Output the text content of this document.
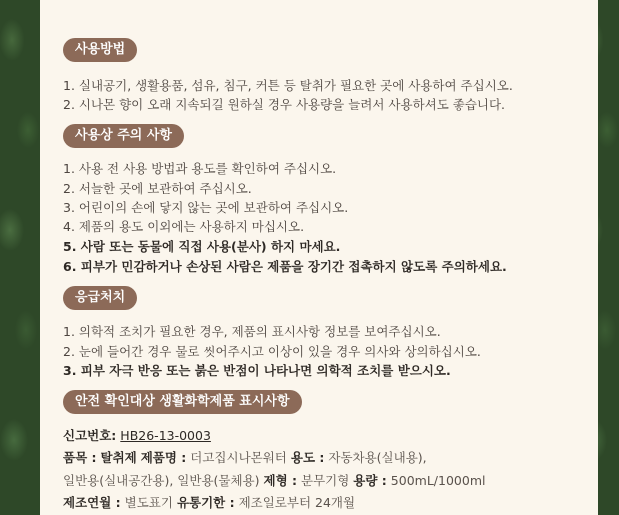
사용방법
1. 실내공기, 생활용품, 섬유, 침구, 커튼 등 탈취가 필요한 곳에 사용하여 주십시오.
2. 시나몬 향이 오래 지속되길 원하실 경우 사용량을 늘려서 사용하셔도 좋습니다.
사용상 주의 사항
1. 사용 전 사용 방법과 용도를 확인하여 주십시오.
2. 서늘한 곳에 보관하여 주십시오.
3. 어린이의 손에 닿지 않는 곳에 보관하여 주십시오.
4. 제품의 용도 이외에는 사용하지 마십시오.
5. 사람 또는 동물에 직접 사용(분사) 하지 마세요.
6. 피부가 민감하거나 손상된 사람은 제품을 장기간 접촉하지 않도록 주의하세요.
응급처치
1. 의학적 조치가 필요한 경우, 제품의 표시사항 정보를 보여주십시오.
2. 눈에 들어간 경우 물로 씻어주시고 이상이 있을 경우 의사와 상의하십시오.
3. 피부 자극 반응 또는 붉은 반점이 나타나면 의학적 조치를 받으시오.
안전 확인대상 생활화학제품 표시사항
신고번호: HB26-13-0003
품목 : 탈취제 제품명 : 더고집시나몬워터 용도 : 자동차용(실내용),
일반용(실내공간용), 일반용(물체용) 제형 : 분무기형 용량 : 500mL/1000ml
제조연월 : 별도표기 유통기한 : 제조일로부터 24개월
